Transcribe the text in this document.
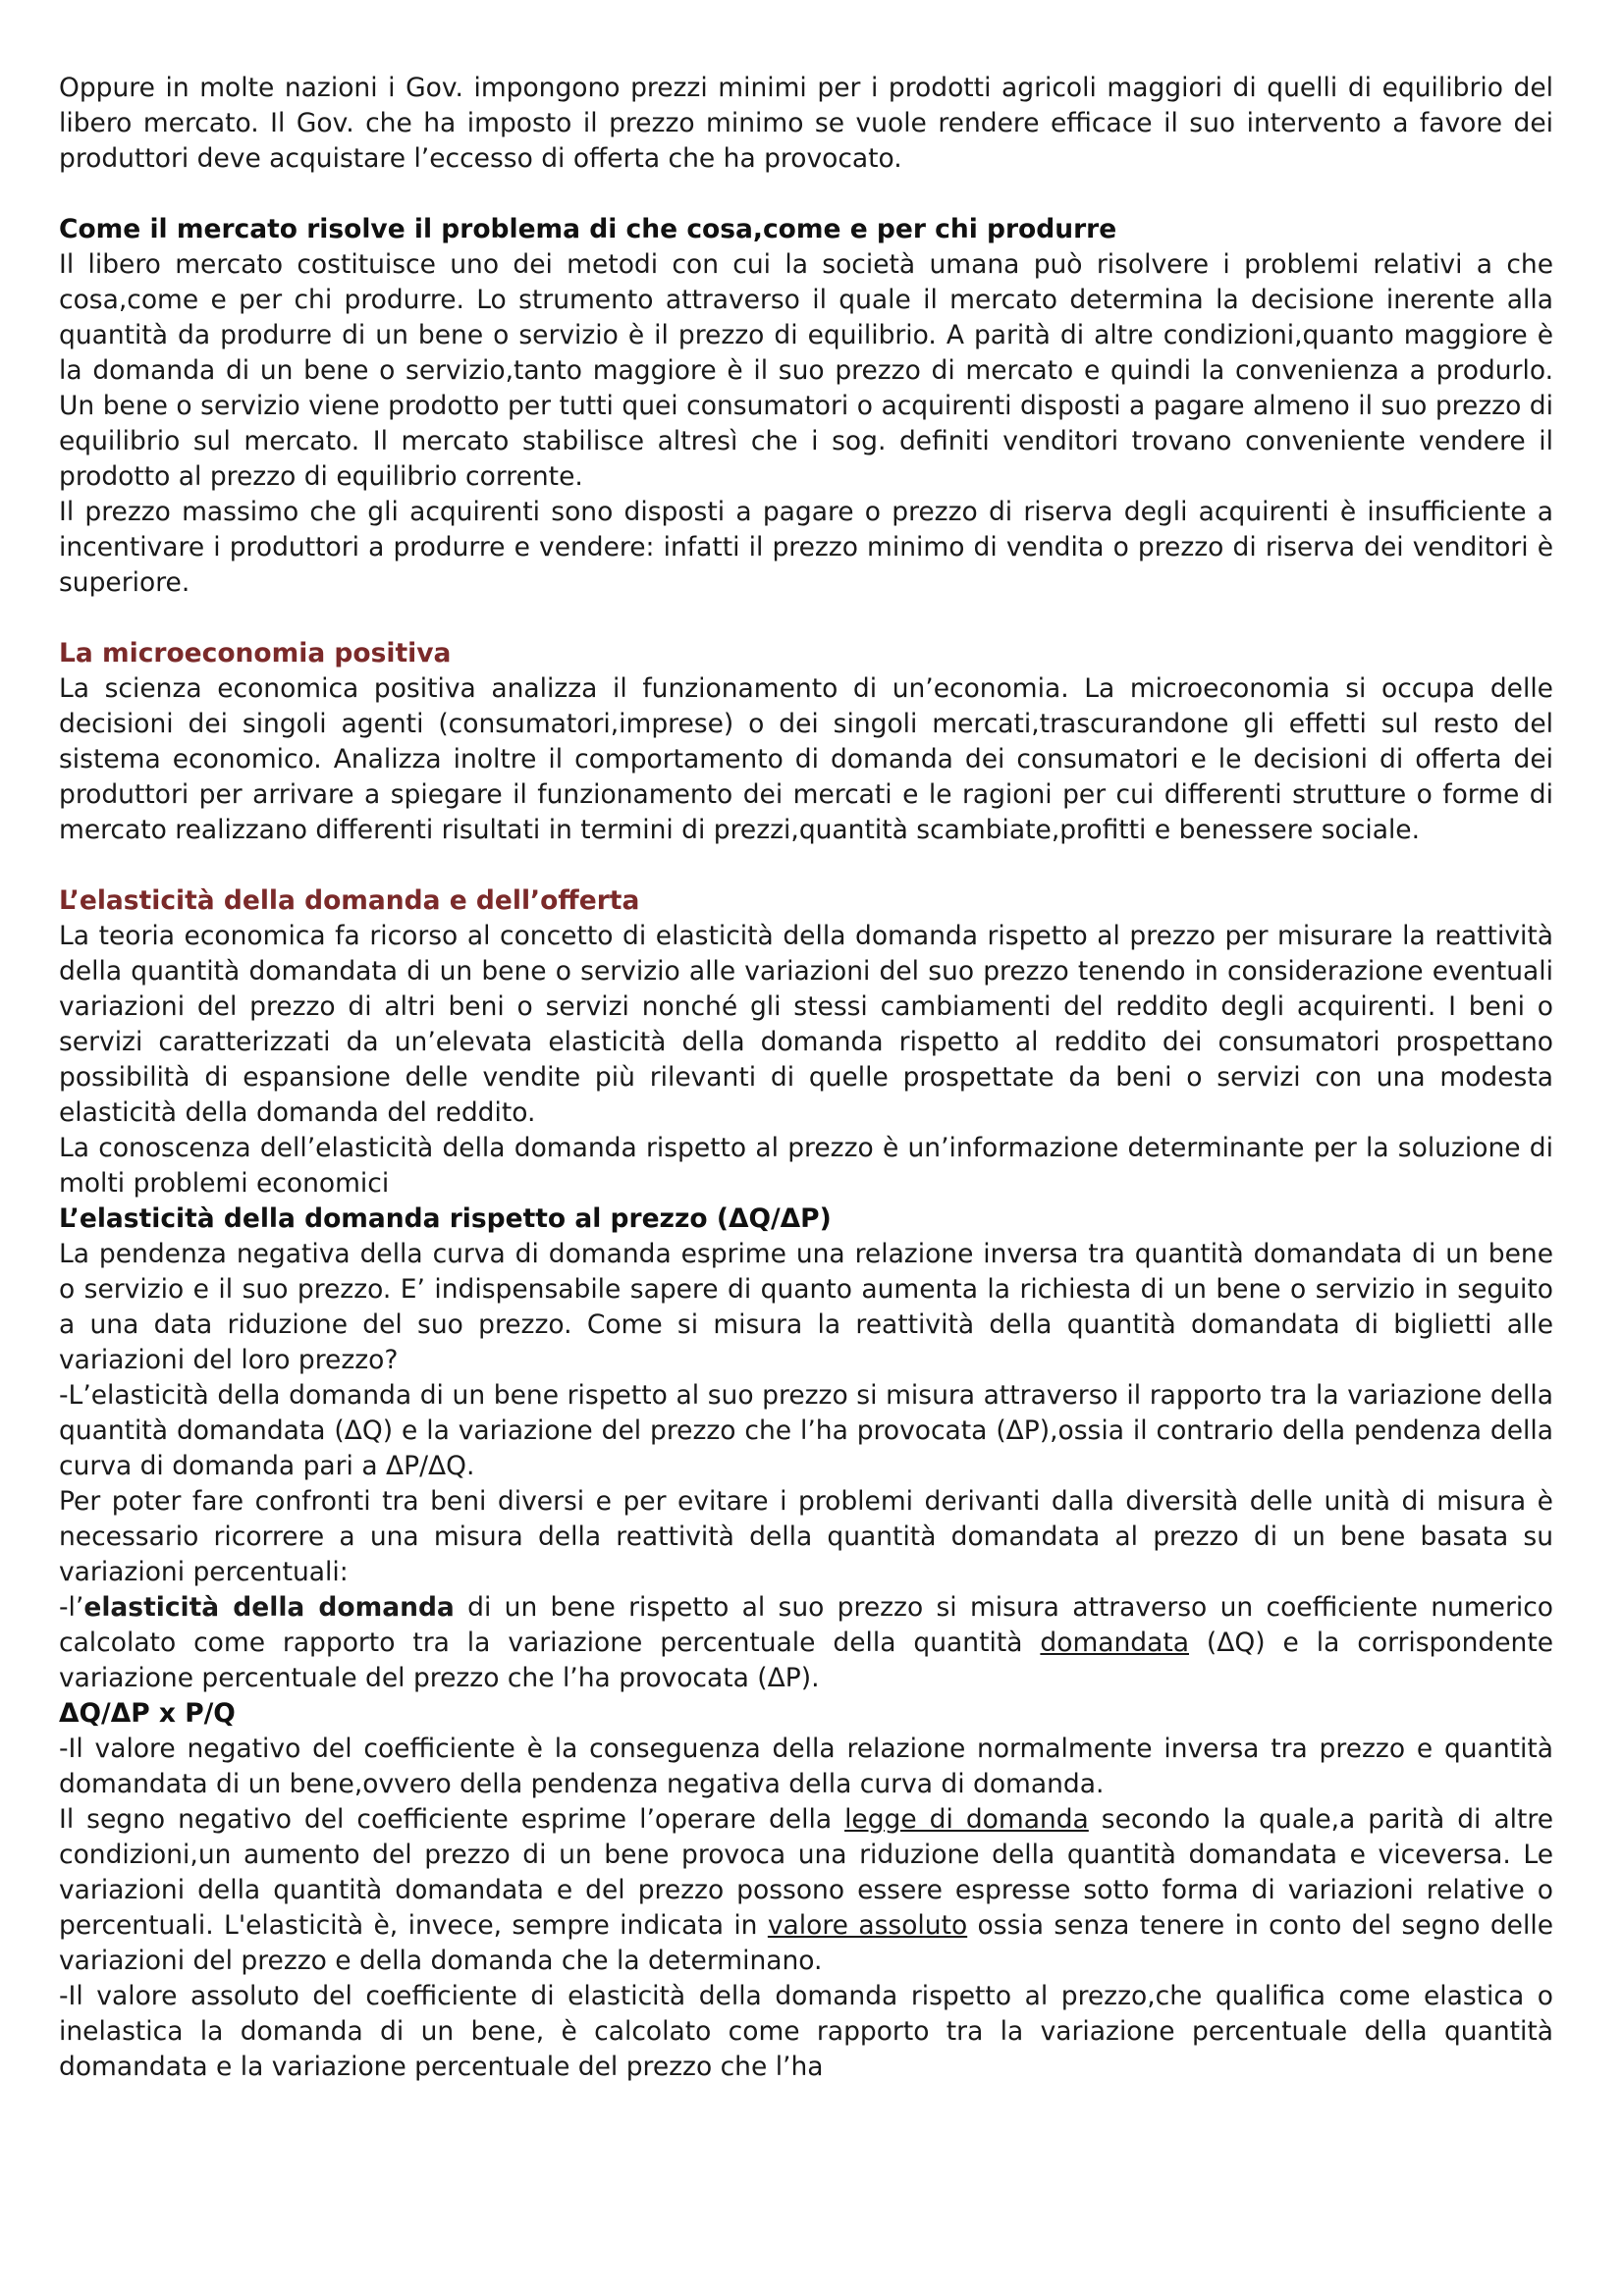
Oppure in molte nazioni i Gov. impongono prezzi minimi per i prodotti agricoli maggiori di quelli di equilibrio del libero mercato. Il Gov. che ha imposto il prezzo minimo se vuole rendere efficace il suo intervento a favore dei produttori deve acquistare l’eccesso di offerta che ha provocato.

Come il mercato risolve il problema di che cosa,come e per chi produrre

Il libero mercato costituisce uno dei metodi con cui la società umana può risolvere i problemi relativi a che cosa,come e per chi produrre. Lo strumento attraverso il quale il mercato determina la decisione inerente alla quantità da produrre di un bene o servizio è il prezzo di equilibrio. A parità di altre condizioni,quanto maggiore è la domanda di un bene o servizio,tanto maggiore è il suo prezzo di mercato e quindi la convenienza a produrlo. Un bene o servizio viene prodotto per tutti quei consumatori o acquirenti disposti a pagare almeno il suo prezzo di equilibrio sul mercato. Il mercato stabilisce altresì che i sog. definiti venditori trovano conveniente vendere il prodotto al prezzo di equilibrio corrente.

Il prezzo massimo che gli acquirenti sono disposti a pagare o prezzo di riserva degli acquirenti è insufficiente a incentivare i produttori a produrre e vendere: infatti il prezzo minimo di vendita o prezzo di riserva dei venditori è superiore.

La microeconomia positiva

La scienza economica positiva analizza il funzionamento di un’economia. La microeconomia si occupa delle decisioni dei singoli agenti (consumatori,imprese) o dei singoli mercati,trascurandone gli effetti sul resto del sistema economico. Analizza inoltre il comportamento di domanda dei consumatori e le decisioni di offerta dei produttori per arrivare a spiegare il funzionamento dei mercati e le ragioni per cui differenti strutture o forme di mercato realizzano differenti risultati in termini di prezzi,quantità scambiate,profitti e benessere sociale.

L’elasticità della domanda e dell’offerta

La teoria economica fa ricorso al concetto di elasticità della domanda rispetto al prezzo per misurare la reattività della quantità domandata di un bene o servizio alle variazioni del suo prezzo tenendo in considerazione eventuali variazioni del prezzo di altri beni o servizi nonché gli stessi cambiamenti del reddito degli acquirenti. I beni o servizi caratterizzati da un’elevata elasticità della domanda rispetto al reddito dei consumatori prospettano possibilità di espansione delle vendite più rilevanti di quelle prospettate da beni o servizi con una modesta elasticità della domanda del reddito.

La conoscenza dell’elasticità della domanda rispetto al prezzo è un’informazione determinante per la soluzione di molti problemi economici

L’elasticità della domanda rispetto al prezzo (ΔQ/ΔP)

La pendenza negativa della curva di domanda esprime una relazione inversa tra quantità domandata di un bene o servizio e il suo prezzo. E’ indispensabile sapere di quanto aumenta la richiesta di un bene o servizio in seguito a una data riduzione del suo prezzo. Come si misura la reattività della quantità domandata di biglietti alle variazioni del loro prezzo?

-L’elasticità della domanda di un bene rispetto al suo prezzo si misura attraverso il rapporto tra la variazione della quantità domandata (ΔQ) e la variazione del prezzo che l’ha provocata (ΔP),ossia il contrario della pendenza della curva di domanda pari a ΔP/ΔQ.

Per poter fare confronti tra beni diversi e per evitare i problemi derivanti dalla diversità delle unità di misura è necessario ricorrere a una misura della reattività della quantità domandata al prezzo di un bene basata su variazioni percentuali:

-l’elasticità della domanda di un bene rispetto al suo prezzo si misura attraverso un coefficiente numerico calcolato come rapporto tra la variazione percentuale della quantità domandata (ΔQ) e la corrispondente variazione percentuale del prezzo che l’ha provocata (ΔP).

ΔQ/ΔP x P/Q

-Il valore negativo del coefficiente è la conseguenza della relazione normalmente inversa tra prezzo e quantità domandata di un bene,ovvero della pendenza negativa della curva di domanda.

Il segno negativo del coefficiente esprime l’operare della legge di domanda secondo la quale,a parità di altre condizioni,un aumento del prezzo di un bene provoca una riduzione della quantità domandata e viceversa. Le variazioni della quantità domandata e del prezzo possono essere espresse sotto forma di variazioni relative o percentuali. L'elasticità è, invece, sempre indicata in valore assoluto ossia senza tenere in conto del segno delle variazioni del prezzo e della domanda che la determinano.

-Il valore assoluto del coefficiente di elasticità della domanda rispetto al prezzo,che qualifica come elastica o inelastica la domanda di un bene, è calcolato come rapporto tra la variazione percentuale della quantità domandata e la variazione percentuale del prezzo che l’ha
